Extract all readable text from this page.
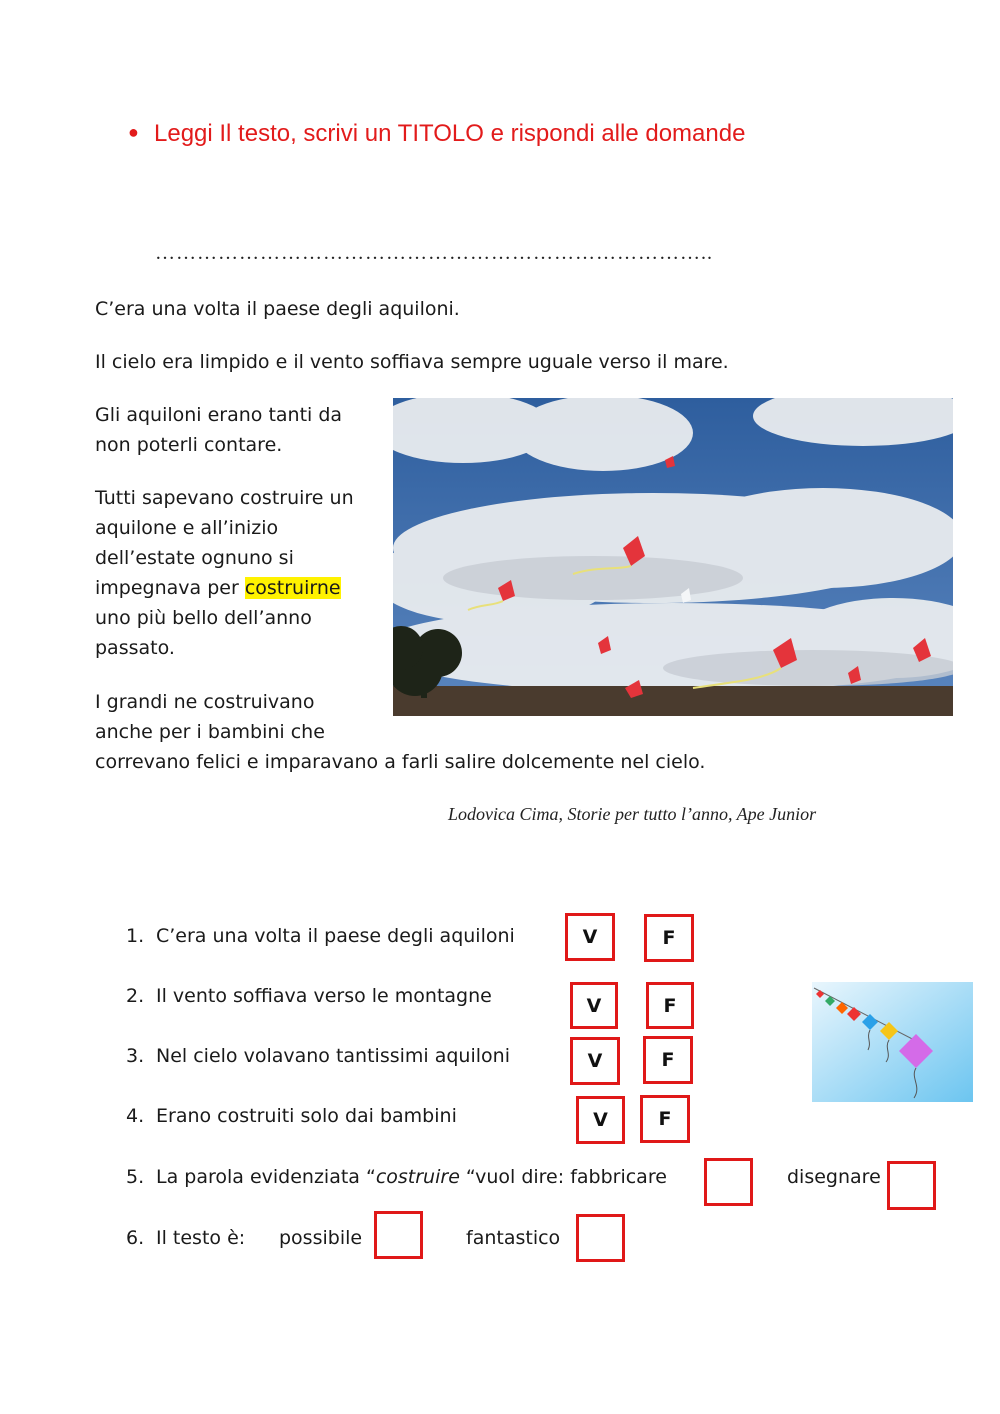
● Leggi Il testo, scrivi un TITOLO e rispondi alle domande
……………………………………………………………………..
C’era una volta il paese degli aquiloni.
Il cielo era limpido e il vento soffiava sempre uguale verso il mare.
Gli aquiloni erano tanti da
non poterli contare.
Tutti sapevano costruire un
aquilone e all’inizio
dell’estate ognuno si
impegnava per costruirne
uno più bello dell’anno
passato.
I grandi ne costruivano
anche per i bambini che
correvano felici e imparavano a farli salire dolcemente nel cielo.
Lodovica Cima, Storie per tutto l’anno, Ape Junior
1. C’era una volta il paese degli aquiloni	V	F
2. Il vento soffiava verso le montagne	V	F
3. Nel cielo volavano tantissimi aquiloni	V	F
4. Erano costruiti solo dai bambini	V	F
5. La parola evidenziata “costruire “vuol dire: fabbricare	disegnare
6. Il testo è: possibile	fantastico
